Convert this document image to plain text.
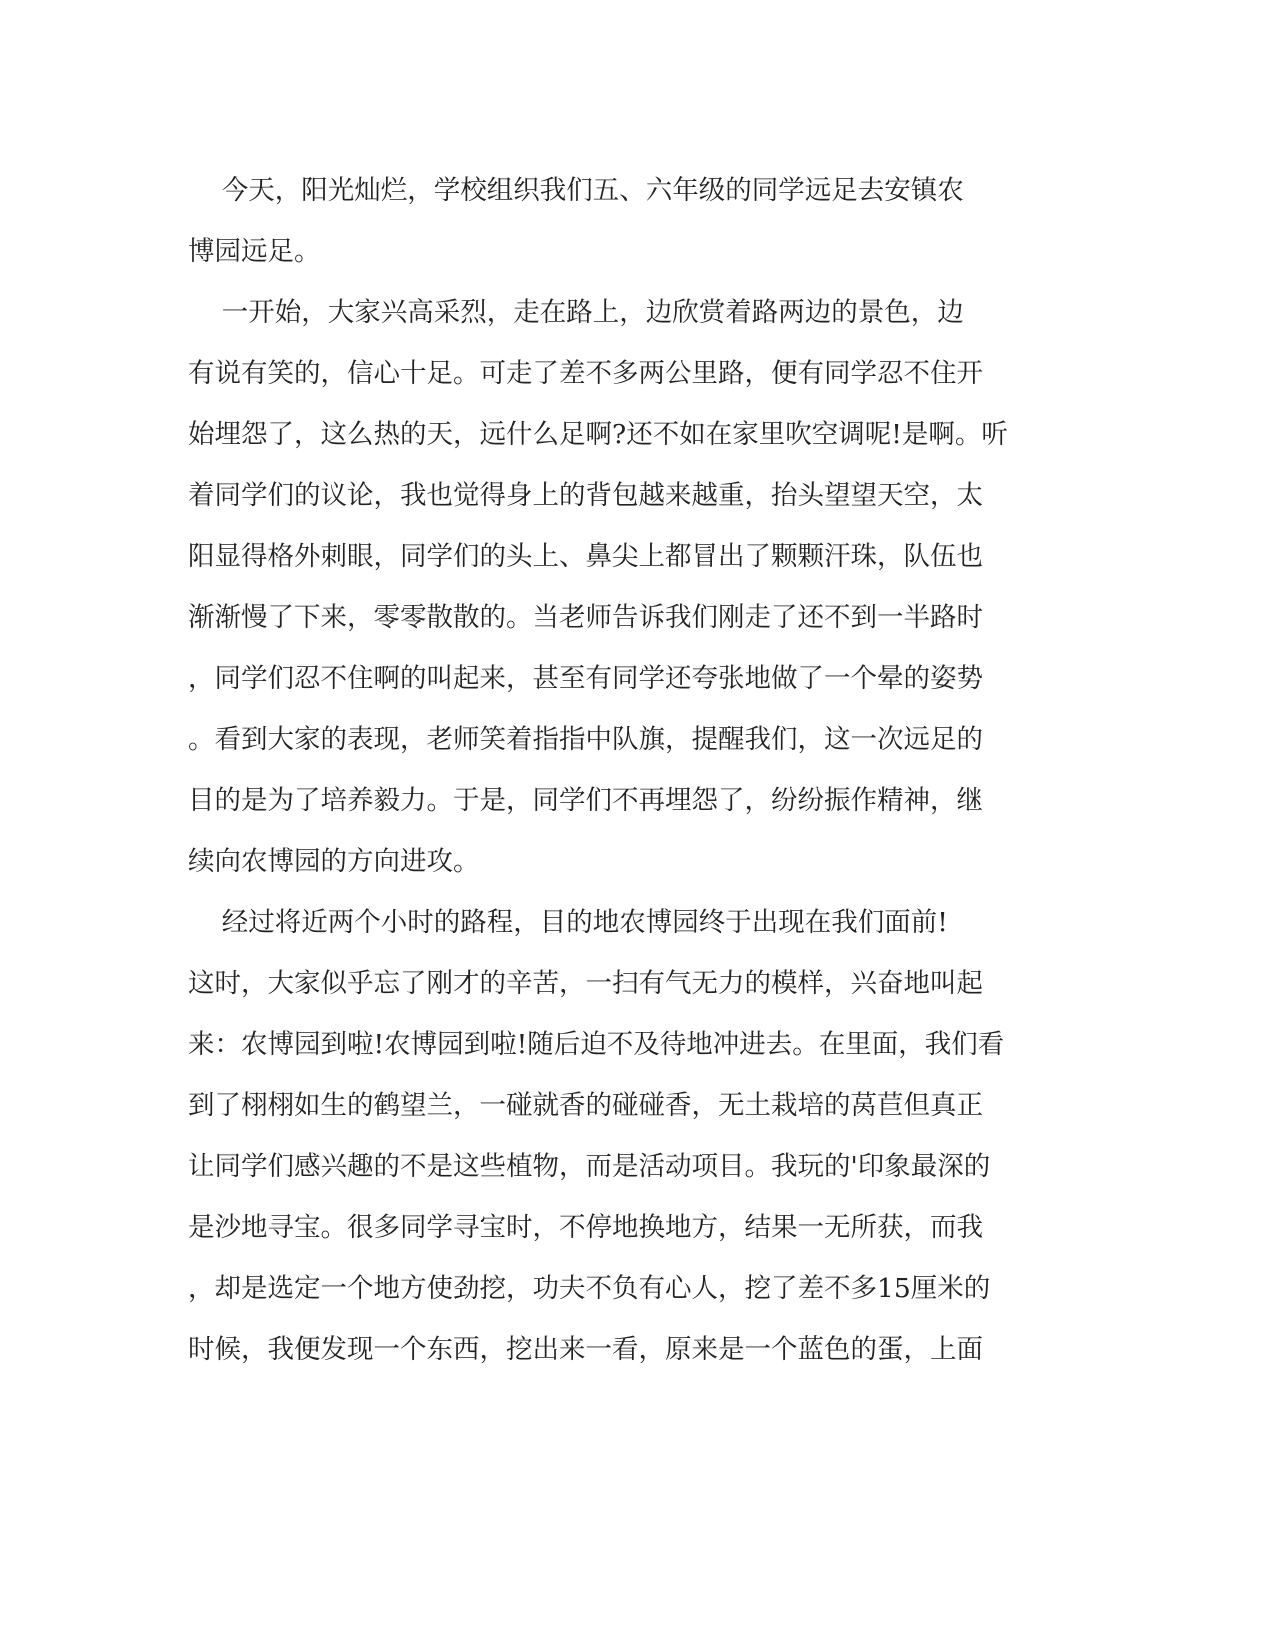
今天，阳光灿烂，学校组织我们五、六年级的同学远足去安镇农
博园远足。
一开始，大家兴高采烈，走在路上，边欣赏着路两边的景色，边
有说有笑的，信心十足。可走了差不多两公里路，便有同学忍不住开
始埋怨了，这么热的天，远什么足啊?还不如在家里吹空调呢!是啊。听
着同学们的议论，我也觉得身上的背包越来越重，抬头望望天空，太
阳显得格外刺眼，同学们的头上、鼻尖上都冒出了颗颗汗珠，队伍也
渐渐慢了下来，零零散散的。当老师告诉我们刚走了还不到一半路时
，同学们忍不住啊的叫起来，甚至有同学还夸张地做了一个晕的姿势
。看到大家的表现，老师笑着指指中队旗，提醒我们，这一次远足的
目的是为了培养毅力。于是，同学们不再埋怨了，纷纷振作精神，继
续向农博园的方向进攻。
经过将近两个小时的路程，目的地农博园终于出现在我们面前!
这时，大家似乎忘了刚才的辛苦，一扫有气无力的模样，兴奋地叫起
来：农博园到啦!农博园到啦!随后迫不及待地冲进去。在里面，我们看
到了栩栩如生的鹤望兰，一碰就香的碰碰香，无土栽培的莴苣但真正
让同学们感兴趣的不是这些植物，而是活动项目。我玩的'印象最深的
是沙地寻宝。很多同学寻宝时，不停地换地方，结果一无所获，而我
，却是选定一个地方使劲挖，功夫不负有心人，挖了差不多15厘米的
时候，我便发现一个东西，挖出来一看，原来是一个蓝色的蛋，上面
